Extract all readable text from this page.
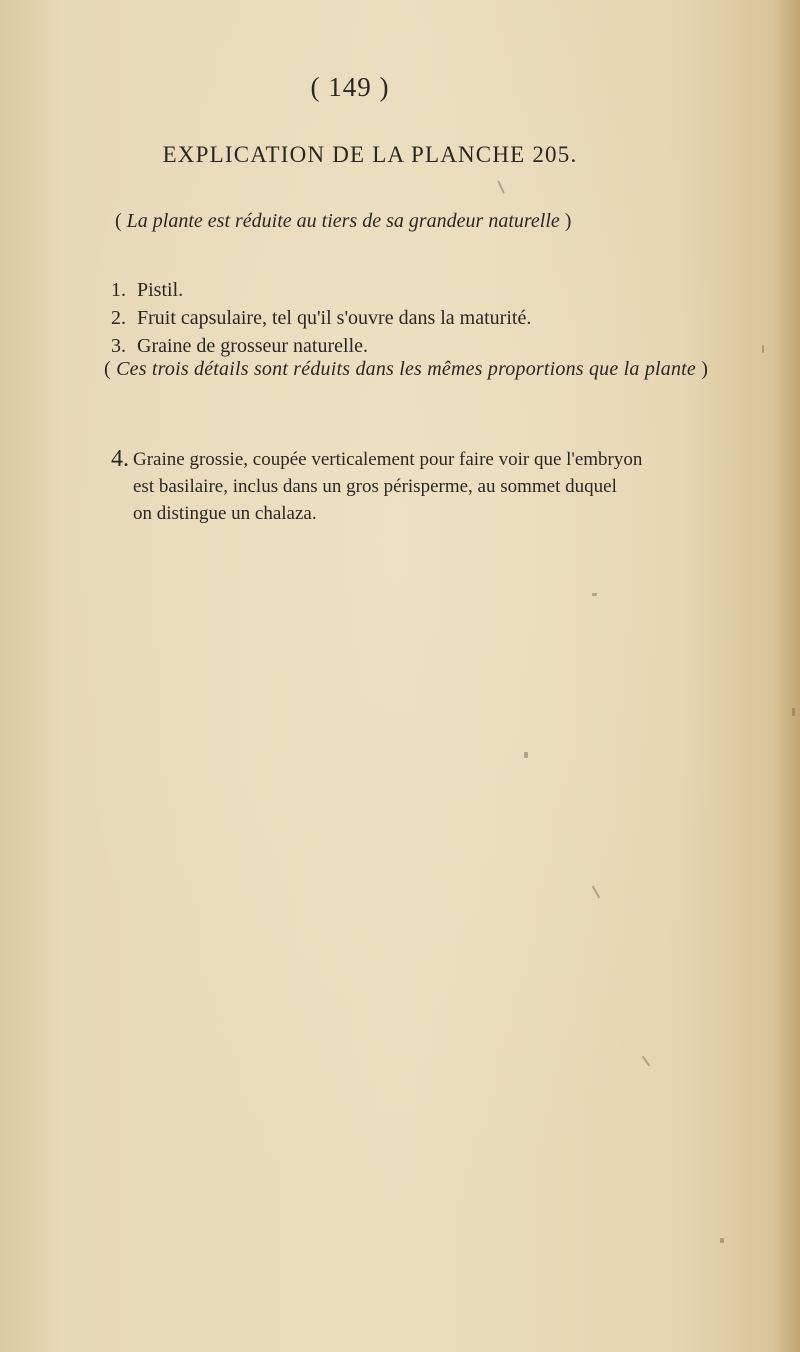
( 149 )
EXPLICATION DE LA PLANCHE 205.
( La plante est réduite au tiers de sa grandeur naturelle )
1. Pistil.
2. Fruit capsulaire, tel qu'il s'ouvre dans la maturité.
3. Graine de grosseur naturelle.
( Ces trois détails sont réduits dans les mêmes proportions que la plante )
4. Graine grossie, coupée verticalement pour faire voir que l'embryon
est basilaire, inclus dans un gros périsperme, au sommet duquel
on distingue un chalaza.
